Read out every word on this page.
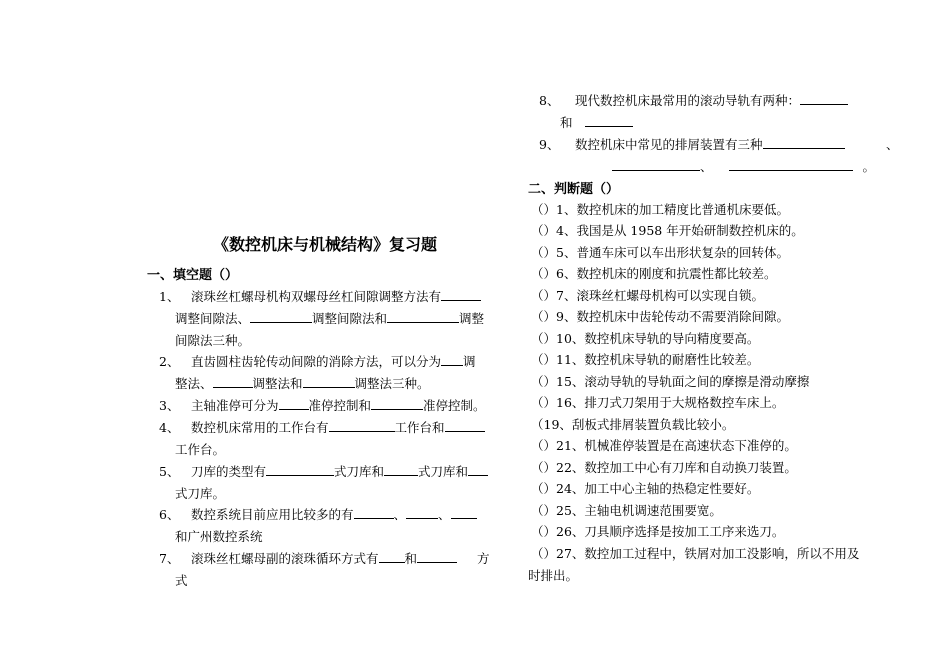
《数控机床与机械结构》复习题
一、填空题（）
1、 滚珠丝杠螺母机构双螺母丝杠间隙调整方法有
调整间隙法、	调整间隙法和	调整
间隙法三种。
2、 直齿圆柱齿轮传动间隙的消除方法，可以分为 调
整法、	调整法和	调整法三种。
3、 主轴准停可分为 准停控制和	准停控制。
4、 数控机床常用的工作台有	工作台和
工作台。
5、 刀库的类型有	式刀库和	式刀库和
式刀库。
6、 数控系统目前应用比较多的有	、	、
和广州数控系统
7、 滚珠丝杠螺母副的滚珠循环方式有 和	方
式
8、 现代数控机床最常用的滚动导轨有两种：
和
9、 数控机床中常见的排屑装置有三种	、
、	。
二、判断题（）
（）1、数控机床的加工精度比普通机床要低。
（）4、我国是从 1958 年开始研制数控机床的。
（）5、普通车床可以车出形状复杂的回转体。
（）6、数控机床的刚度和抗震性都比较差。
（）7、滚珠丝杠螺母机构可以实现自锁。
（）9、数控机床中齿轮传动不需要消除间隙。
（）10、数控机床导轨的导向精度要高。
（）11、数控机床导轨的耐磨性比较差。
（）15、滚动导轨的导轨面之间的摩擦是滑动摩擦
（）16、排刀式刀架用于大规格数控车床上。
（19、刮板式排屑装置负载比较小。
（）21、机械准停装置是在高速状态下准停的。
（）22、数控加工中心有刀库和自动换刀装置。
（）24、加工中心主轴的热稳定性要好。
（）25、主轴电机调速范围要宽。
（）26、刀具顺序选择是按加工工序来选刀。
（）27、数控加工过程中，铁屑对加工没影响，所以不用及
时排出。
